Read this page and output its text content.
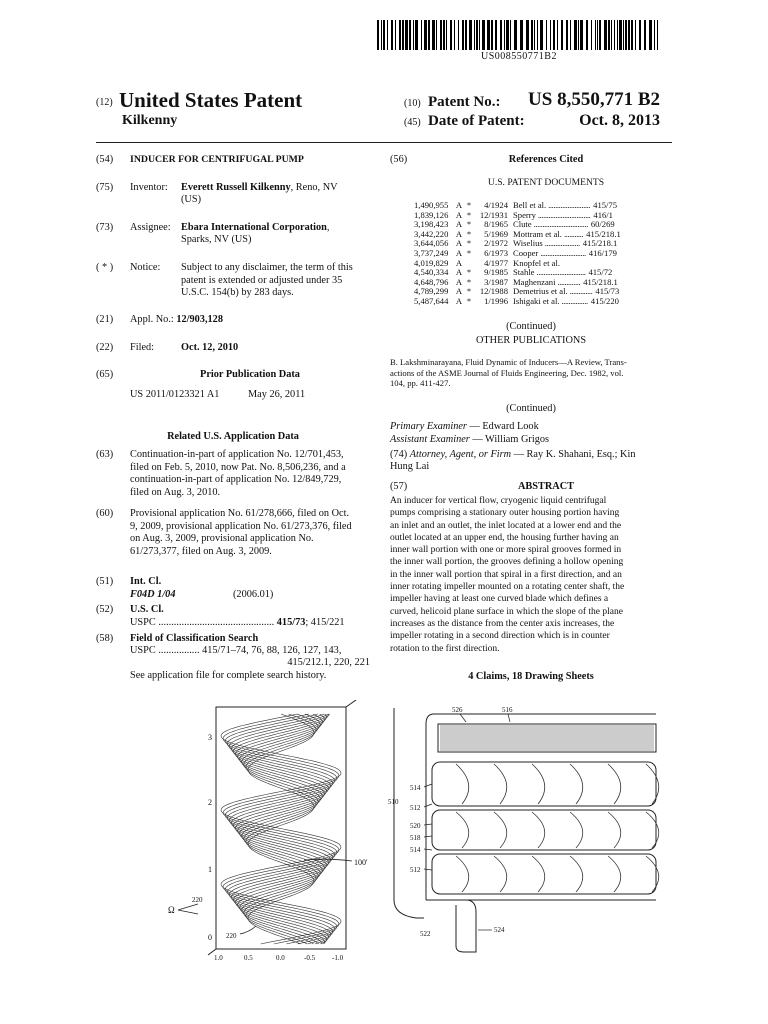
US008550771B2
(12) United States Patent
Kilkenny
(10) Patent No.: US 8,550,771 B2
(45) Date of Patent:	Oct. 8, 2013
(54) INDUCER FOR CENTRIFUGAL PUMP
(75) Inventor: Everett Russell Kilkenny, Reno, NV
(US)
(73) Assignee: Ebara International Corporation,
Sparks, NV (US)
( * ) Notice: Subject to any disclaimer, the term of this
patent is extended or adjusted under 35
U.S.C. 154(b) by 283 days.
(21) Appl. No.: 12/903,128
(22) Filed:	Oct. 12, 2010
(65)	Prior Publication Data
US 2011/0123321 A1	May 26, 2011
Related U.S. Application Data
(63) Continuation-in-part of application No. 12/701,453,
filed on Feb. 5, 2010, now Pat. No. 8,506,236, and a
continuation-in-part of application No. 12/849,729,
filed on Aug. 3, 2010.
(60) Provisional application No. 61/278,666, filed on Oct.
9, 2009, provisional application No. 61/273,376, filed
on Aug. 3, 2009, provisional application No.
61/273,377, filed on Aug. 3, 2009.
(51) Int. Cl.
F04D 1/04	(2006.01)
(52) U.S. Cl.
USPC ............................................. 415/73; 415/221
(58) Field of Classification Search
USPC ................ 415/71–74, 76, 88, 126, 127, 143,
415/212.1, 220, 221
See application file for complete search history.
(56)	References Cited
U.S. PATENT DOCUMENTS
1,490,955 A * 4/1924 Bell et al. ........................ 415/75
1,839,126 A * 12/1931 Sperry .............................. 416/1
3,198,423 A * 8/1965 Clute ............................... 60/269
3,442,220 A * 5/1969 Mottram et al. ........... 415/218.1
3,644,056 A * 2/1972 Wiselius .................... 415/218.1
3,737,249 A * 6/1973 Cooper .......................... 416/179
4,019,829 A	4/1977 Knopfel et al.
4,540,334 A * 9/1985 Stahle ............................ 415/72
4,648,796 A * 3/1987 Maghenzani ............. 415/218.1
4,789,299 A * 12/1988 Demetrius et al. ............. 415/73
5,487,644 A * 1/1996 Ishigaki et al. ............... 415/220
(Continued)
OTHER PUBLICATIONS
B. Lakshminarayana, Fluid Dynamic of Inducers—A Review, Trans-
actions of the ASME Journal of Fluids Engineering, Dec. 1982, vol.
104, pp. 411-427.
(Continued)
Primary Examiner — Edward Look
Assistant Examiner — William Grigos
(74) Attorney, Agent, or Firm — Ray K. Shahani, Esq.; Kin
Hung Lai
(57)	ABSTRACT
An inducer for vertical flow, cryogenic liquid centrifugal
pumps comprising a stationary outer housing portion having
an inlet and an outlet, the inlet located at a lower end and the
outlet located at an upper end, the housing further having an
inner wall portion with one or more spiral grooves formed in
the inner wall portion, the grooves defining a hollow opening
in the inner wall portion that spiral in a first direction, and an
inner rotating impeller mounted on a rotating center shaft, the
impeller having at least one curved blade which defines a
curved, helicoid plane surface in which the slope of the plane
increases as the distance from the center axis increases, the
impeller rotating in a second direction which is in counter
rotation to the first direction.
4 Claims, 18 Drawing Sheets
3
2
1
0
1.0	0.5	0.0	-0.5 -1.0
100'
220
220
Ω
526	516
514
510
512
520
518
514
512
522	524
